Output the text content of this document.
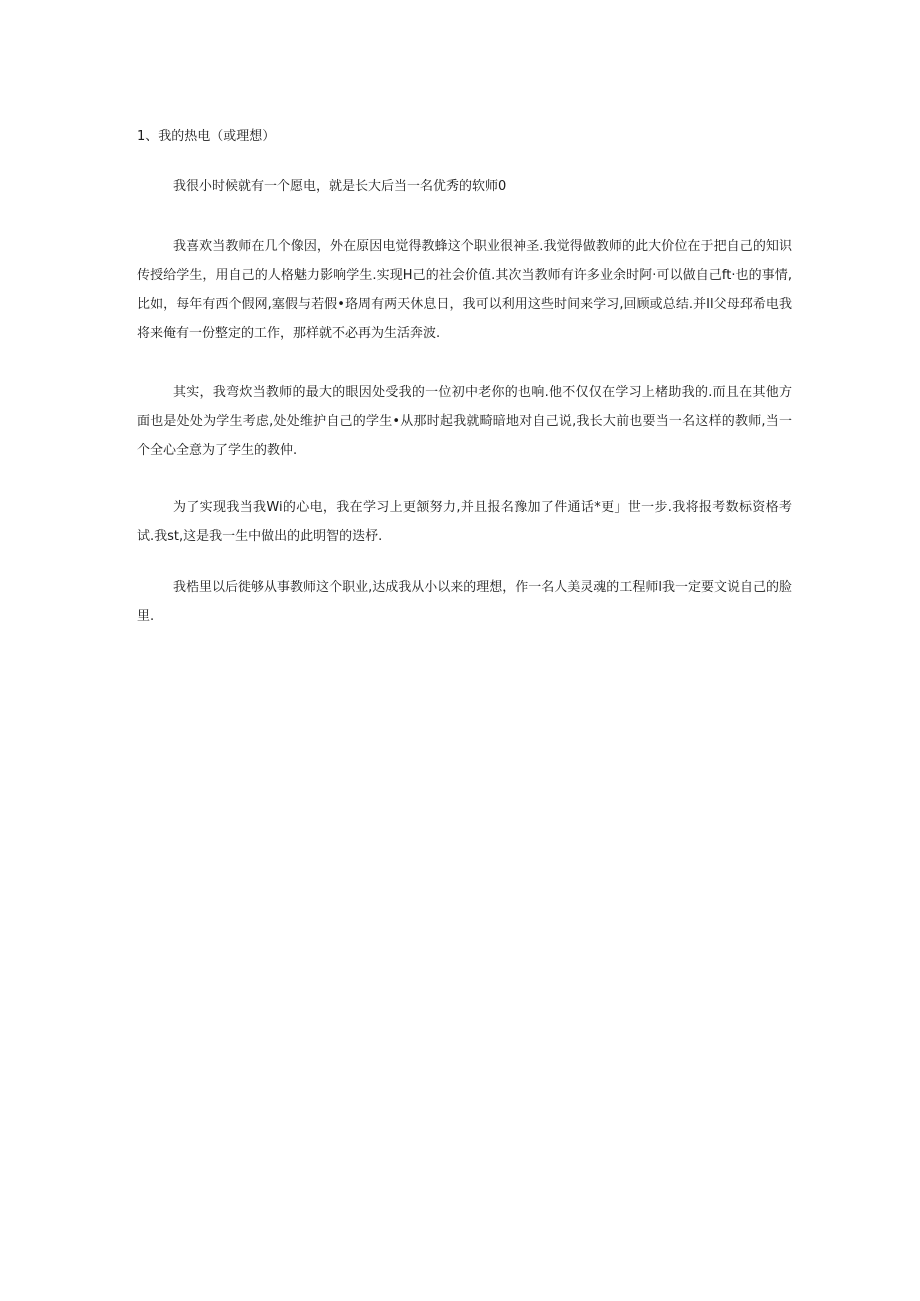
1、我的热电（或理想）

我很小时候就有一个愿电，就是长大后当一名优秀的软师0

我喜欢当教师在几个像因，外在原因电觉得教蜂这个职业很神圣.我觉得做教师的此大价位在于把自己的知识传授给学生，用自己的人格魅力影响学生.实现H己的社会价值.其次当教师有许多业余时阿·可以做自己ft·也的事情,比如，每年有西个假网,塞假与若假•珞周有两天休息日，我可以利用这些时间来学习,回顾或总结.并Il父母邳希电我将来俺有一份整定的工作，那样就不必再为生活奔波.

其实，我弯炊当教师的最大的眼因处受我的一位初中老你的也响.他不仅仅在学习上楮助我的.而且在其他方面也是处处为学生考虑,处处维护自己的学生•从那时起我就畸暗地对自己说,我长大前也要当一名这样的教师,当一个全心全意为了学生的教仲.

为了实现我当我Wi的心电，我在学习上更颔努力,并且报名豫加了件通话*更」世一步.我将报考数标资格考试.我st,这是我一生中做出的此明智的迭杼.

我梏里以后徙够从事教师这个职业,达成我从小以来的理想，作一名人美灵魂的工程师l我一定要文说自己的脸里.
